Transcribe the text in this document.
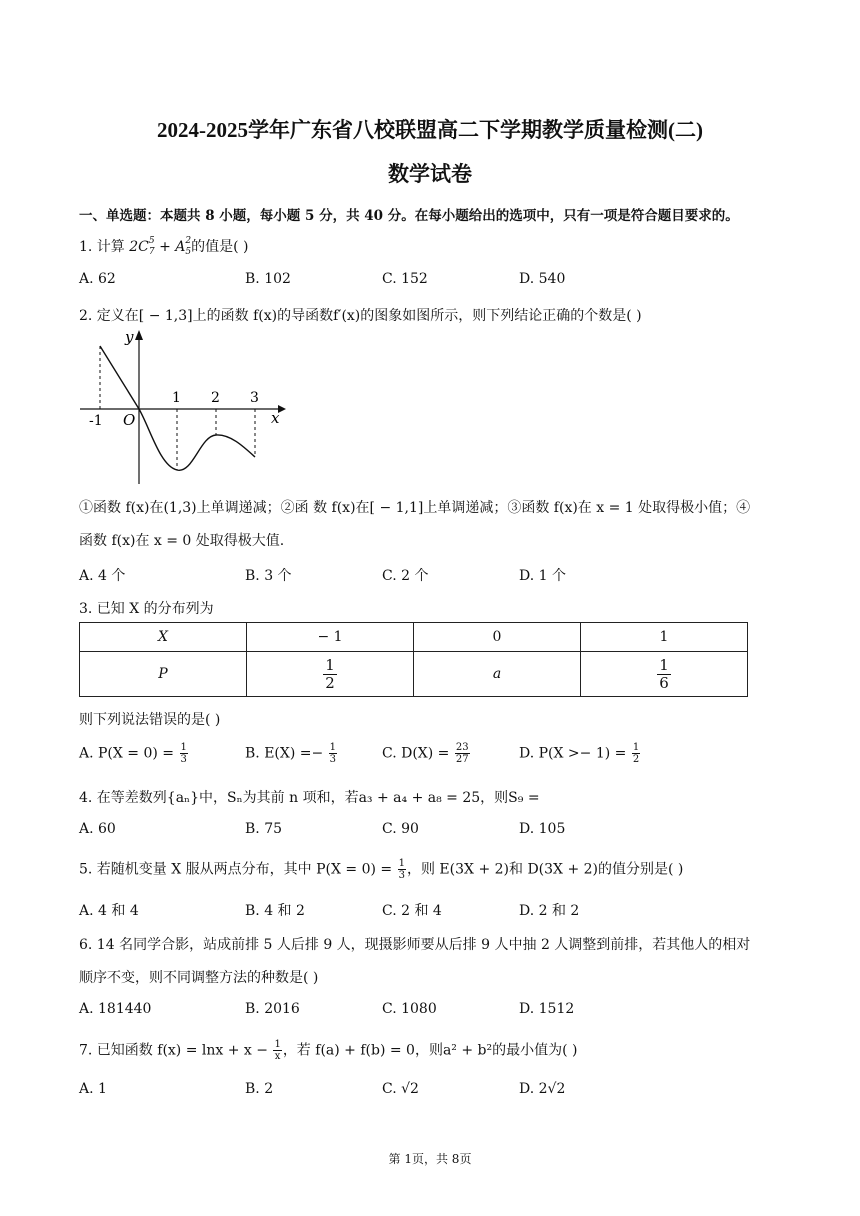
2024-2025学年广东省八校联盟高二下学期教学质量检测(二)
数学试卷
一、单选题：本题共 8 小题，每小题 5 分，共 40 分。在每小题给出的选项中，只有一项是符合题目要求的。
1. 计算 2C $_{5 7}$ + A $_{2 5}$的值是( )
A. 62	B. 102	C. 152	D. 540
2. 定义在[ − 1,3]上的函数 f(x)的导函数f′(x)的图象如图所示，则下列结论正确的个数是( )
y
x
O
-1
1 2 3
①函数 f(x)在(1,3)上单调递减；②函 数 f(x)在[ − 1,1]上单调递减；③函数 f(x)在 x = 1 处取得极小值；④
函数 f(x)在 x = 0 处取得极大值.
A. 4 个	B. 3 个	C. 2 个	D. 1 个
3. 已知 X 的分布列为
X	− 1	0	1
P	$\frac{1}{2}$	a	$\frac{1}{6}$
则下列说法错误的是( )
A. $P(X = 0) = \frac{1}{3}$	B. $E(X) =- \frac{1}{3}$	C. $D(X) = \frac{23}{27}$	D. $P(X >- 1) = \frac{1}{2}$
4. 在等差数列{aₙ}中，Sₙ为其前 n 项和，若a₃ + a₄ + a₈ = 25，则S₉ =
A. 60	B. 75	C. 90	D. 105
5. 若随机变量 X 服从两点分布，其中 $P(X = 0) = \frac{1}{3}$ ，则 E(3X + 2)和 D(3X + 2)的值分别是( )
A. 4 和 4	B. 4 和 2	C. 2 和 4	D. 2 和 2
6. 14 名同学合影，站成前排 5 人后排 9 人，现摄影师要从后排 9 人中抽 2 人调整到前排，若其他人的相对
顺序不变，则不同调整方法的种数是( )
A. 181440	B. 2016	C. 1080	D. 1512
7. 已知函数 $f(x) = \ln x + x - \frac{1}{x}$ ，若 f(a) + f(b) = 0，则a² + b²的最小值为( )
A. 1	B. 2	C. √2	D. 2√2
第 1页，共 8页
